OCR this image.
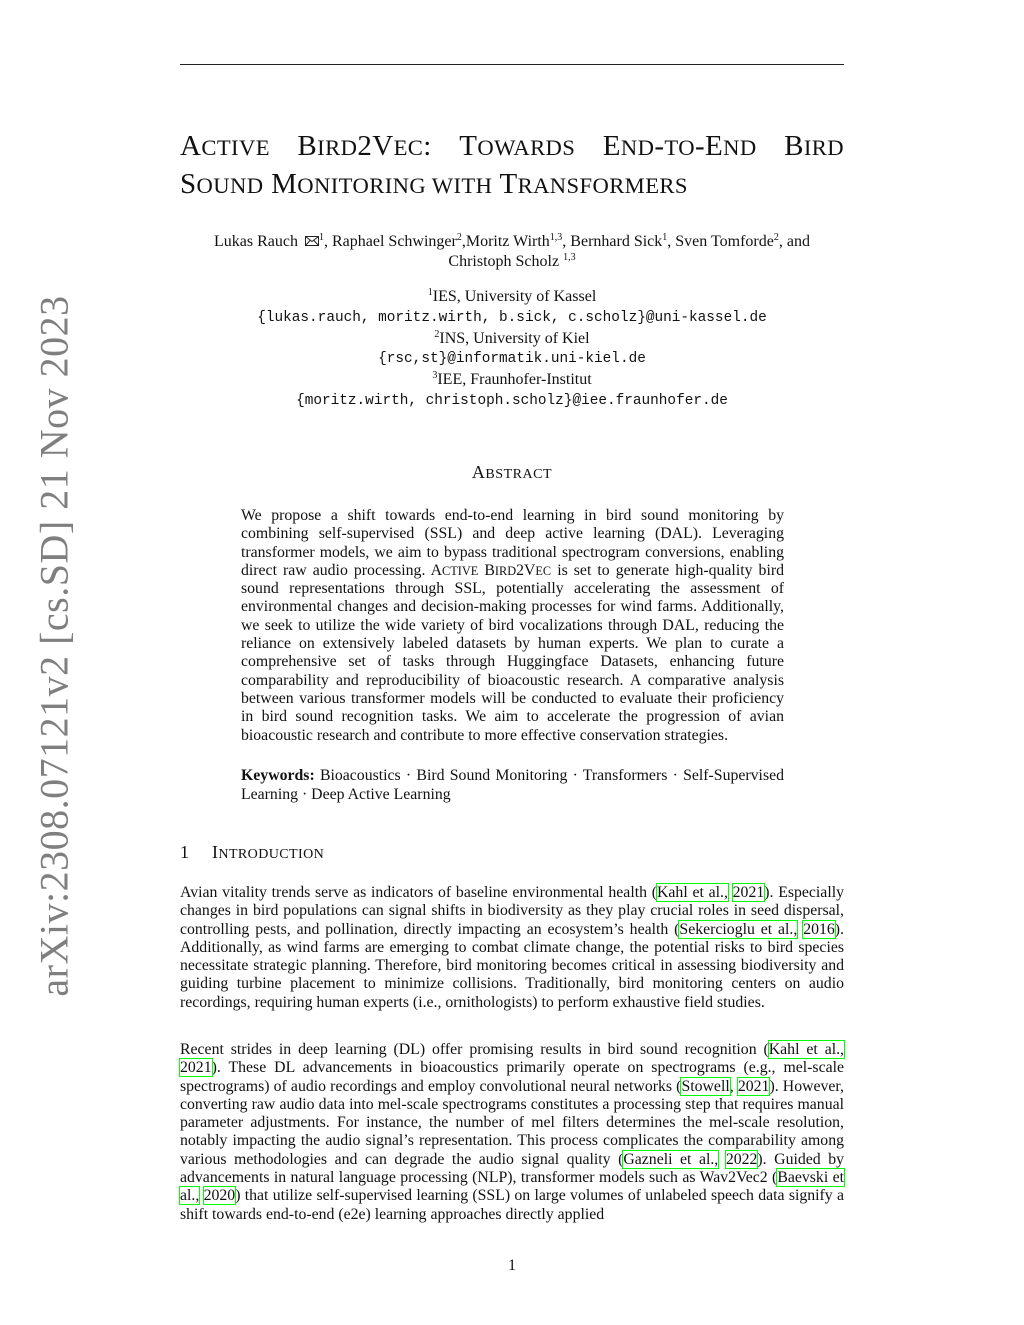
arXiv:2308.07121v2 [cs.SD] 21 Nov 2023
ACTIVE BIRD2VEC: TOWARDS END-TO-END BIRD
SOUND MONITORING WITH TRANSFORMERS
Lukas Rauch $^1$, Raphael Schwinger$^2$,Moritz Wirth$^{1,3}$, Bernhard Sick$^1$, Sven Tomforde$^2$, and
Christoph Scholz $^{1,3}$
$^1$IES, University of Kassel
{lukas.rauch, moritz.wirth, b.sick, c.scholz}@uni-kassel.de
$^2$INS, University of Kiel
{rsc,st}@informatik.uni-kiel.de
$^3$IEE, Fraunhofer-Institut
{moritz.wirth, christoph.scholz}@iee.fraunhofer.de
ABSTRACT
We propose a shift towards end-to-end learning in bird sound monitoring by combining self-supervised (SSL) and deep active learning (DAL). Leveraging transformer models, we aim to bypass traditional spectrogram conversions, enabling direct raw audio processing. ACTIVE BIRD2VEC is set to generate high-quality bird sound representations through SSL, potentially accelerating the assessment of environmental changes and decision-making processes for wind farms. Additionally, we seek to utilize the wide variety of bird vocalizations through DAL, reducing the reliance on extensively labeled datasets by human experts. We plan to curate a comprehensive set of tasks through Huggingface Datasets, enhancing future comparability and reproducibility of bioacoustic research. A comparative analysis between various transformer models will be conducted to evaluate their proficiency in bird sound recognition tasks. We aim to accelerate the progression of avian bioacoustic research and contribute to more effective conservation strategies.
Keywords: Bioacoustics · Bird Sound Monitoring · Transformers · Self-Supervised Learning · Deep Active Learning
1 INTRODUCTION
Avian vitality trends serve as indicators of baseline environmental health (Kahl et al., 2021). Especially changes in bird populations can signal shifts in biodiversity as they play crucial roles in seed dispersal, controlling pests, and pollination, directly impacting an ecosystem’s health (Sekercioglu et al., 2016). Additionally, as wind farms are emerging to combat climate change, the potential risks to bird species necessitate strategic planning. Therefore, bird monitoring becomes critical in assessing biodiversity and guiding turbine placement to minimize collisions. Traditionally, bird monitoring centers on audio recordings, requiring human experts (i.e., ornithologists) to perform exhaustive field studies.
Recent strides in deep learning (DL) offer promising results in bird sound recognition (Kahl et al., 2021). These DL advancements in bioacoustics primarily operate on spectrograms (e.g., mel-scale spectrograms) of audio recordings and employ convolutional neural networks (Stowell, 2021). However, converting raw audio data into mel-scale spectrograms constitutes a processing step that requires manual parameter adjustments. For instance, the number of mel filters determines the mel-scale resolution, notably impacting the audio signal’s representation. This process complicates the comparability among various methodologies and can degrade the audio signal quality (Gazneli et al., 2022). Guided by advancements in natural language processing (NLP), transformer models such as Wav2Vec2 (Baevski et al., 2020) that utilize self-supervised learning (SSL) on large volumes of unlabeled speech data signify a shift towards end-to-end (e2e) learning approaches directly applied
1
